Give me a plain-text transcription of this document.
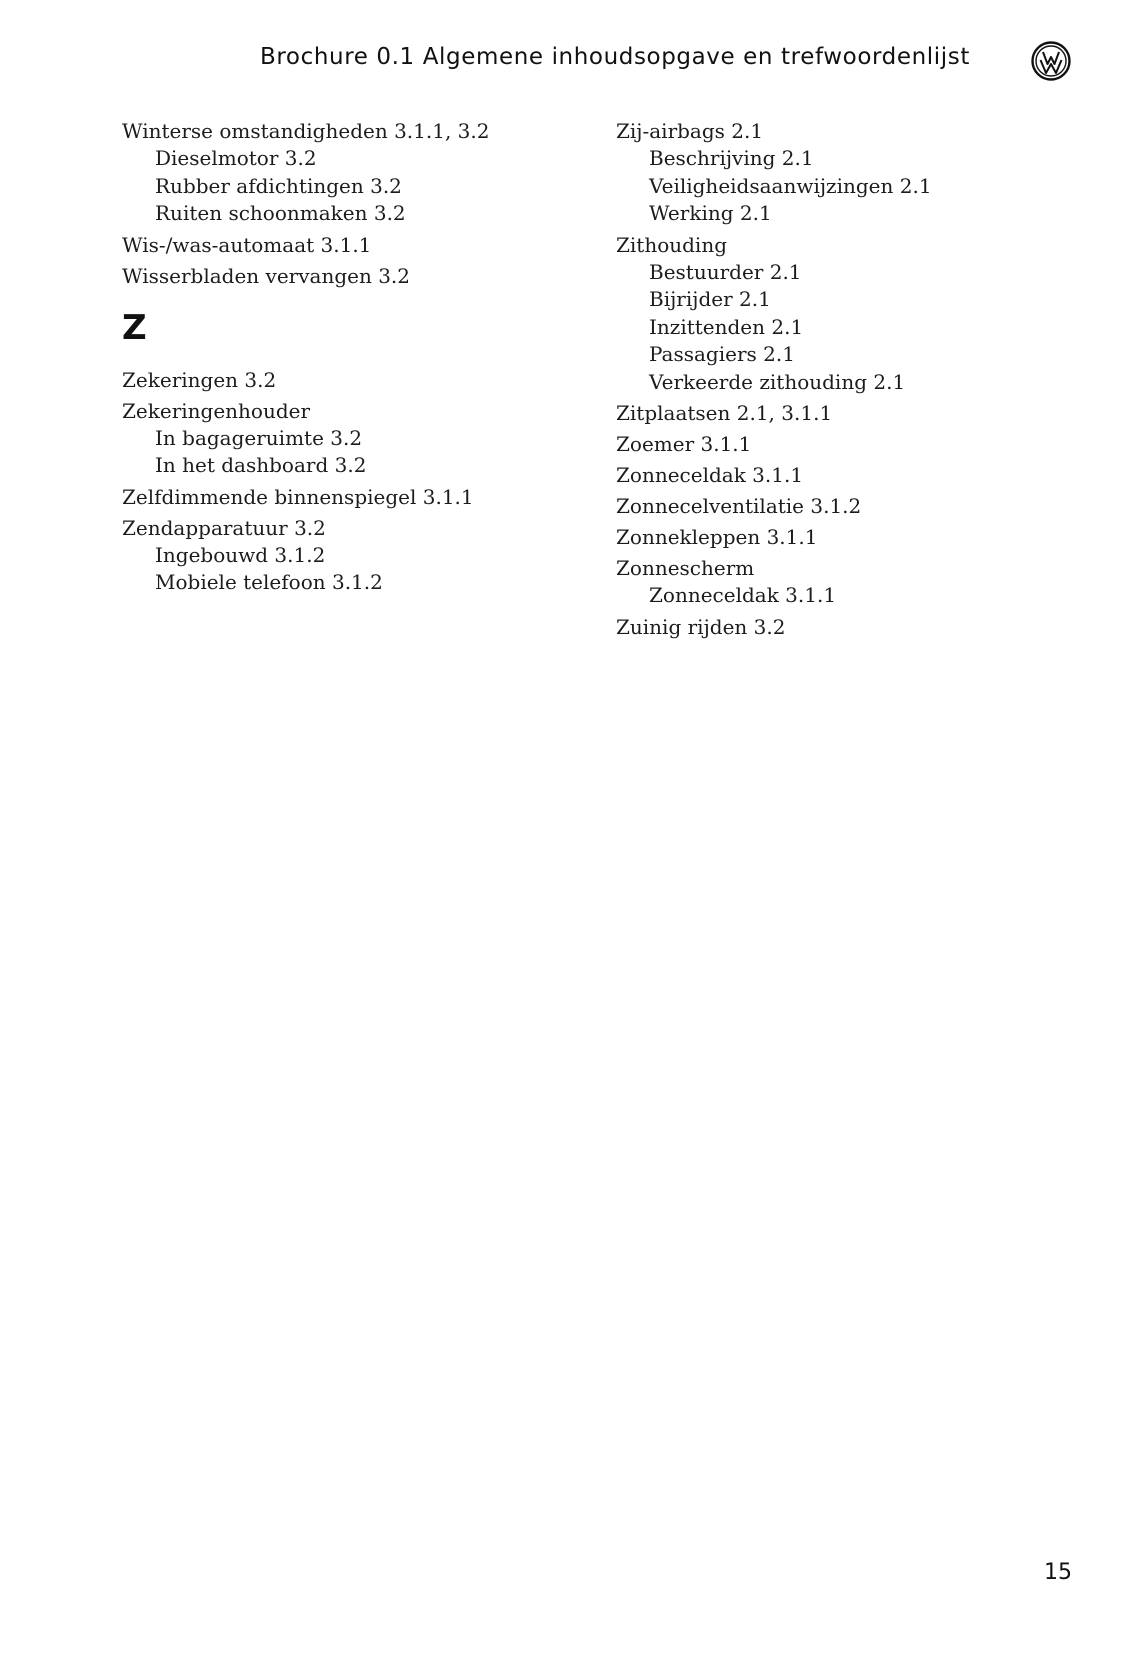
Brochure 0.1 Algemene inhoudsopgave en trefwoordenlijst
Winterse omstandigheden 3.1.1, 3.2
Dieselmotor 3.2
Rubber afdichtingen 3.2
Ruiten schoonmaken 3.2
Wis-/was-automaat 3.1.1
Wisserbladen vervangen 3.2
Z
Zekeringen 3.2
Zekeringenhouder
In bagageruimte 3.2
In het dashboard 3.2
Zelfdimmende binnenspiegel 3.1.1
Zendapparatuur 3.2
Ingebouwd 3.1.2
Mobiele telefoon 3.1.2
Zij-airbags 2.1
Beschrijving 2.1
Veiligheidsaanwijzingen 2.1
Werking 2.1
Zithouding
Bestuurder 2.1
Bijrijder 2.1
Inzittenden 2.1
Passagiers 2.1
Verkeerde zithouding 2.1
Zitplaatsen 2.1, 3.1.1
Zoemer 3.1.1
Zonneceldak 3.1.1
Zonnecelventilatie 3.1.2
Zonnekleppen 3.1.1
Zonnescherm
Zonneceldak 3.1.1
Zuinig rijden 3.2
15
